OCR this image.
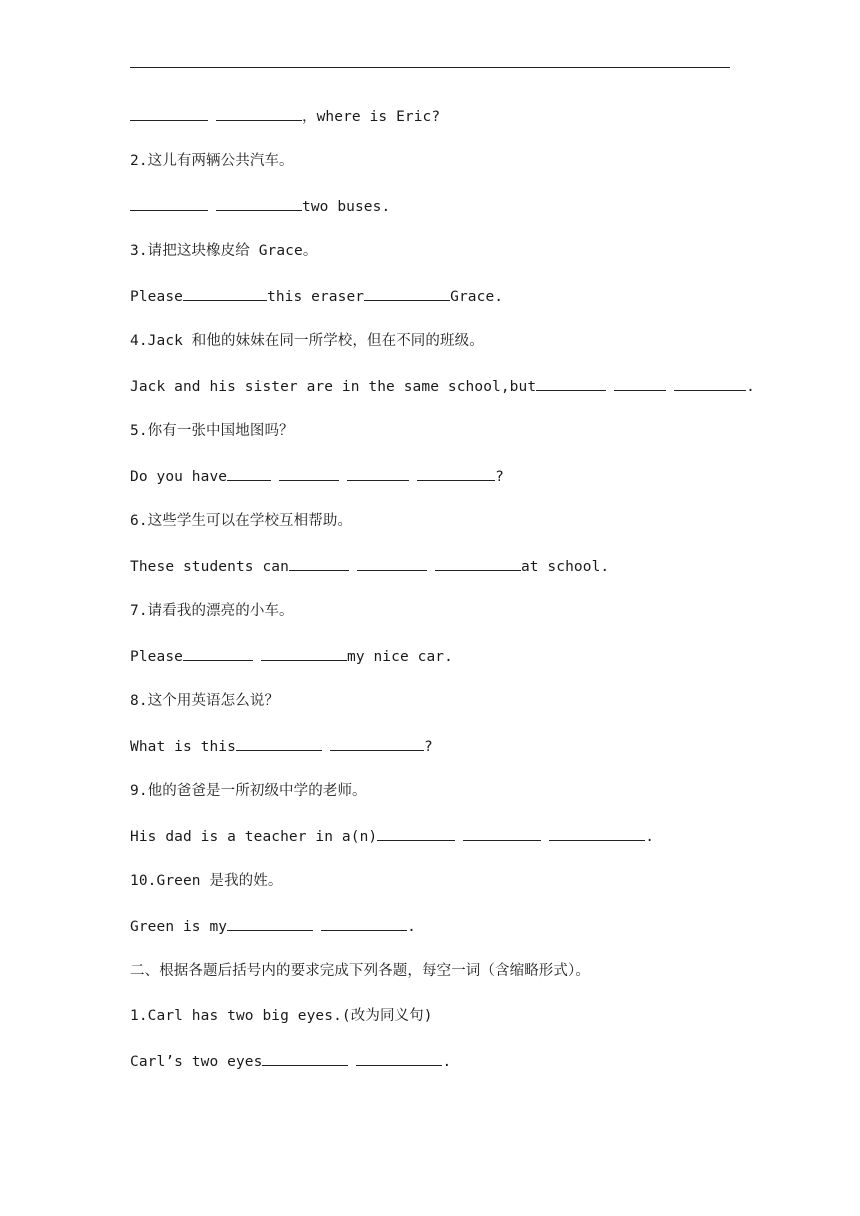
，where is Eric?
2.这儿有两辆公共汽车。
two buses.
3.请把这块橡皮给 Grace。
Please	this eraser	Grace.
4.Jack 和他的妹妹在同一所学校，但在不同的班级。
Jack and his sister are in the same school,but	.
5.你有一张中国地图吗？
Do you have	?
6.这些学生可以在学校互相帮助。
These students can	at school.
7.请看我的漂亮的小车。
Please	my nice car.
8.这个用英语怎么说？
What is this	?
9.他的爸爸是一所初级中学的老师。
His dad is a teacher in a(n)	.
10.Green 是我的姓。
Green is my	.
二、根据各题后括号内的要求完成下列各题，每空一词（含缩略形式）。
1.Carl has two big eyes.(改为同义句)
Carl’s two eyes	.
